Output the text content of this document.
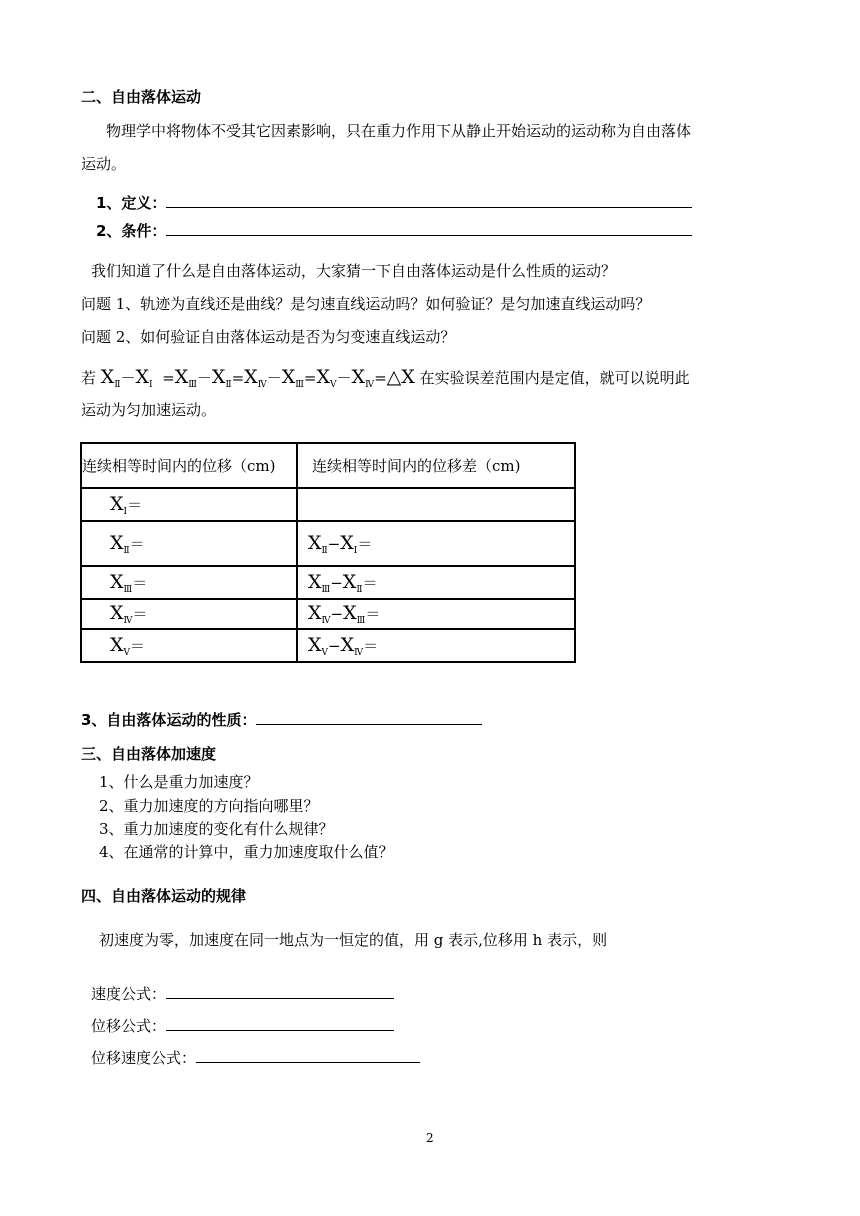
二、自由落体运动
物理学中将物体不受其它因素影响，只在重力作用下从静止开始运动的运动称为自由落体
运动。
1、定义：
2、条件：
我们知道了什么是自由落体运动，大家猜一下自由落体运动是什么性质的运动？
问题 1、轨迹为直线还是曲线？是匀速直线运动吗？如何验证？是匀加速直线运动吗？
问题 2、如何验证自由落体运动是否为匀变速直线运动？
若 $X_Ⅱ-X_Ⅰ$ $=X_Ⅲ-X_Ⅱ=X_Ⅳ-X_Ⅲ=X_Ⅴ-X_Ⅳ=\triangle X$ 在实验误差范围内是定值，就可以说明此
运动为匀加速运动。
连续相等时间内的位移（cm)	连续相等时间内的位移差（cm)
$X_Ⅰ=$	
$X_Ⅱ=$	$X_Ⅱ-X_Ⅰ=$
$X_Ⅲ=$	$X_Ⅲ-X_Ⅱ=$
$X_Ⅳ=$	$X_Ⅳ-X_Ⅲ=$
$X_Ⅴ=$	$X_Ⅴ-X_Ⅳ=$
3、自由落体运动的性质：
三、自由落体加速度
1、什么是重力加速度？
2、重力加速度的方向指向哪里？
3、重力加速度的变化有什么规律？
4、在通常的计算中，重力加速度取什么值？
四、自由落体运动的规律
初速度为零，加速度在同一地点为一恒定的值，用 g 表示,位移用 h 表示，则
速度公式：
位移公式：
位移速度公式：
2
